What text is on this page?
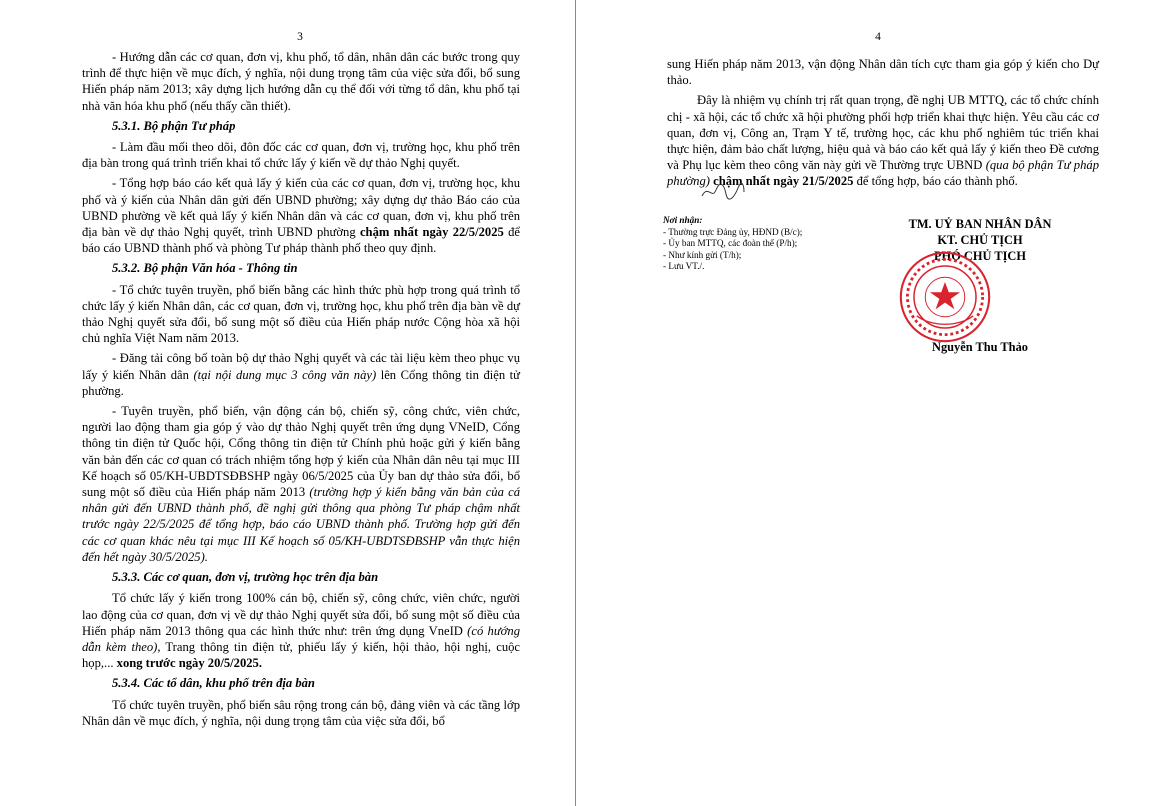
3

- Hướng dẫn các cơ quan, đơn vị, khu phố, tổ dân, nhân dân các bước trong quy trình để thực hiện về mục đích, ý nghĩa, nội dung trọng tâm của việc sửa đổi, bổ sung Hiến pháp năm 2013; xây dựng lịch hướng dẫn cụ thể đối với từng tổ dân, khu phố tại nhà văn hóa khu phố (nếu thấy cần thiết).

5.3.1. Bộ phận Tư pháp

- Làm đầu mối theo dõi, đôn đốc các cơ quan, đơn vị, trường học, khu phố trên địa bàn trong quá trình triển khai tổ chức lấy ý kiến về dự thảo Nghị quyết.

- Tổng hợp báo cáo kết quả lấy ý kiến của các cơ quan, đơn vị, trường học, khu phố và ý kiến của Nhân dân gửi đến UBND phường; xây dựng dự thảo Báo cáo của UBND phường về kết quả lấy ý kiến Nhân dân và các cơ quan, đơn vị, khu phố trên địa bàn về dự thảo Nghị quyết, trình UBND phường chậm nhất ngày 22/5/2025 để báo cáo UBND thành phố và phòng Tư pháp thành phố theo quy định.

5.3.2. Bộ phận Văn hóa - Thông tin

- Tổ chức tuyên truyền, phổ biến bằng các hình thức phù hợp trong quá trình tổ chức lấy ý kiến Nhân dân, các cơ quan, đơn vị, trường học, khu phố trên địa bàn về dự thảo Nghị quyết sửa đổi, bổ sung một số điều của Hiến pháp nước Cộng hòa xã hội chủ nghĩa Việt Nam năm 2013.

- Đăng tải công bố toàn bộ dự thảo Nghị quyết và các tài liệu kèm theo phục vụ lấy ý kiến Nhân dân (tại nội dung mục 3 công văn này) lên Cổng thông tin điện tử phường.

- Tuyên truyền, phổ biến, vận động cán bộ, chiến sỹ, công chức, viên chức, người lao động tham gia góp ý vào dự thảo Nghị quyết trên ứng dụng VNeID, Cổng thông tin điện tử Quốc hội, Cổng thông tin điện tử Chính phủ hoặc gửi ý kiến bằng văn bản đến các cơ quan có trách nhiệm tổng hợp ý kiến của Nhân dân nêu tại mục III Kế hoạch số 05/KH-UBDTSĐBSHP ngày 06/5/2025 của Ủy ban dự thảo sửa đổi, bổ sung một số điều của Hiến pháp năm 2013 (trường hợp ý kiến bằng văn bản của cá nhân gửi đến UBND thành phố, đề nghị gửi thông qua phòng Tư pháp chậm nhất trước ngày 22/5/2025 để tổng hợp, báo cáo UBND thành phố. Trường hợp gửi đến các cơ quan khác nêu tại mục III Kế hoạch số 05/KH-UBDTSĐBSHP vẫn thực hiện đến hết ngày 30/5/2025).

5.3.3. Các cơ quan, đơn vị, trường học trên địa bàn

Tổ chức lấy ý kiến trong 100% cán bộ, chiến sỹ, công chức, viên chức, người lao động của cơ quan, đơn vị về dự thảo Nghị quyết sửa đổi, bổ sung một số điều của Hiến pháp năm 2013 thông qua các hình thức như: trên ứng dụng VneID (có hướng dẫn kèm theo), Trang thông tin điện tử, phiếu lấy ý kiến, hội thảo, hội nghị, cuộc họp,... xong trước ngày 20/5/2025.

5.3.4. Các tổ dân, khu phố trên địa bàn

Tổ chức tuyên truyền, phổ biến sâu rộng trong cán bộ, đảng viên và các tầng lớp Nhân dân về mục đích, ý nghĩa, nội dung trọng tâm của việc sửa đổi, bổ

4

sung Hiến pháp năm 2013, vận động Nhân dân tích cực tham gia góp ý kiến cho Dự thảo.

Đây là nhiệm vụ chính trị rất quan trọng, đề nghị UB MTTQ, các tổ chức chính chị - xã hội, các tổ chức xã hội phường phối hợp triển khai thực hiện. Yêu cầu các cơ quan, đơn vị, Công an, Trạm Y tế, trường học, các khu phố nghiêm túc triển khai thực hiện, đảm bảo chất lượng, hiệu quả và báo cáo kết quả lấy ý kiến theo Đề cương và Phụ lục kèm theo công văn này gửi về Thường trực UBND (qua bộ phận Tư pháp phường) chậm nhất ngày 21/5/2025 để tổng hợp, báo cáo thành phố.

Nơi nhận:
- Thường trực Đảng ủy, HĐND (B/c);
- Ủy ban MTTQ, các đoàn thể (P/h);
- Như kính gửi (T/h);
- Lưu VT./.
TM. UỶ BAN NHÂN DÂN
KT. CHỦ TỊCH
PHÓ CHỦ TỊCH
Nguyễn Thu Thảo
